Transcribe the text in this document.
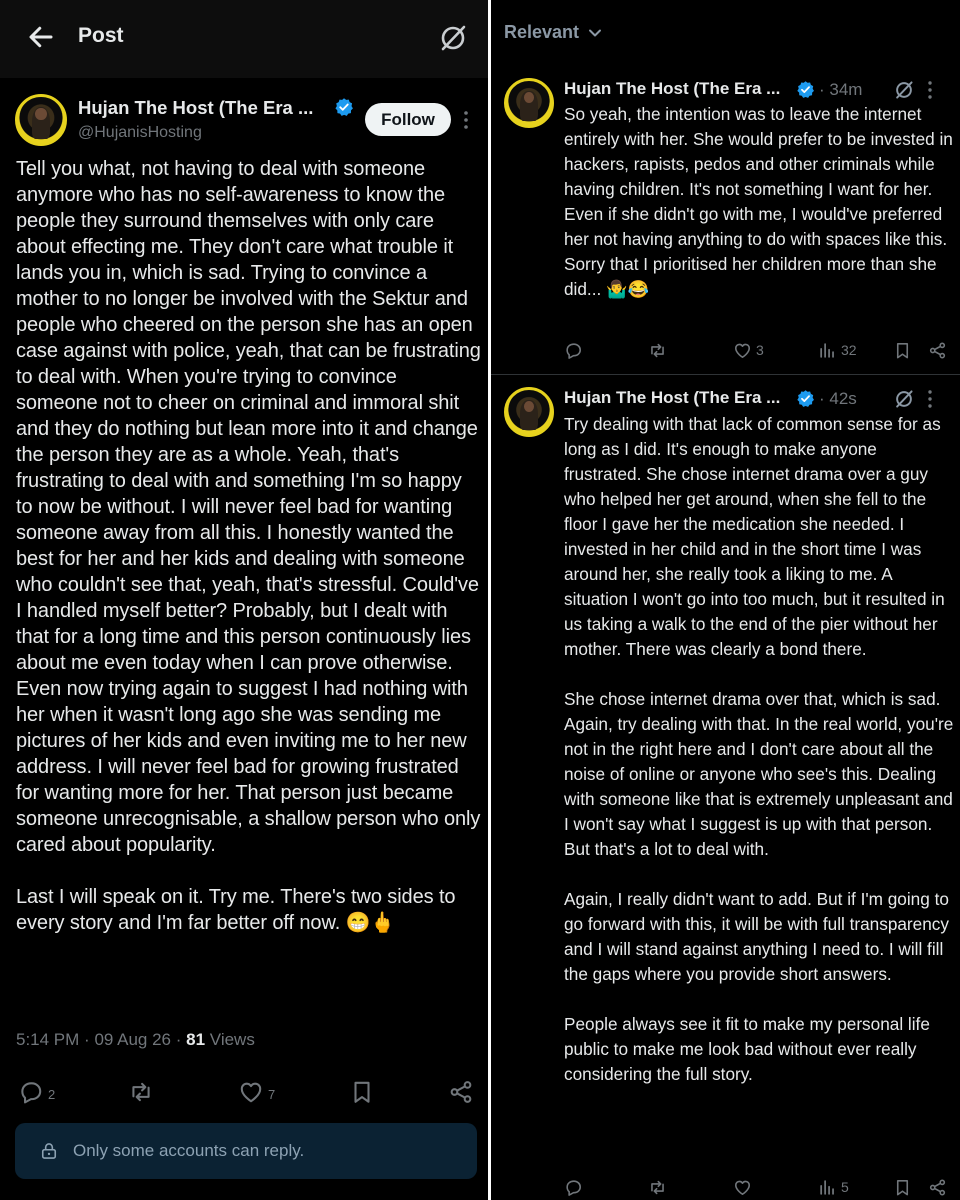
Post
Hujan The Host (The Era ...
@HujanisHosting
Follow
Tell you what, not having to deal with someone anymore who has no self-awareness to know the people they surround themselves with only care about effecting me. They don't care what trouble it lands you in, which is sad. Trying to convince a mother to no longer be involved with the Sektur and people who cheered on the person she has an open case against with police, yeah, that can be frustrating to deal with. When you're trying to convince someone not to cheer on criminal and immoral shit and they do nothing but lean more into it and change the person they are as a whole. Yeah, that's frustrating to deal with and something I'm so happy to now be without. I will never feel bad for wanting someone away from all this. I honestly wanted the best for her and her kids and dealing with someone who couldn't see that, yeah, that's stressful. Could've I handled myself better? Probably, but I dealt with that for a long time and this person continuously lies about me even today when I can prove otherwise. Even now trying again to suggest I had nothing with her when it wasn't long ago she was sending me pictures of her kids and even inviting me to her new address. I will never feel bad for growing frustrated for wanting more for her. That person just became someone unrecognisable, a shallow person who only cared about popularity.

Last I will speak on it. Try me. There's two sides to every story and I'm far better off now. 😁🖕
5:14 PM · 09 Aug 26 · 81 Views
2	7
Only some accounts can reply.
Relevant
Hujan The Host (The Era ... · 34m
So yeah, the intention was to leave the internet entirely with her. She would prefer to be invested in hackers, rapists, pedos and other criminals while having children. It's not something I want for her. Even if she didn't go with me, I would've preferred her not having anything to do with spaces like this. Sorry that I prioritised her children more than she did... 🤷‍♂️😂
3	32
Hujan The Host (The Era ... · 42s
Try dealing with that lack of common sense for as long as I did. It's enough to make anyone frustrated. She chose internet drama over a guy who helped her get around, when she fell to the floor I gave her the medication she needed. I invested in her child and in the short time I was around her, she really took a liking to me. A situation I won't go into too much, but it resulted in us taking a walk to the end of the pier without her mother. There was clearly a bond there.

She chose internet drama over that, which is sad. Again, try dealing with that. In the real world, you're not in the right here and I don't care about all the noise of online or anyone who see's this. Dealing with someone like that is extremely unpleasant and I won't say what I suggest is up with that person. But that's a lot to deal with.

Again, I really didn't want to add. But if I'm going to go forward with this, it will be with full transparency and I will stand against anything I need to. I will fill the gaps where you provide short answers.

People always see it fit to make my personal life public to make me look bad without ever really considering the full story.
5
